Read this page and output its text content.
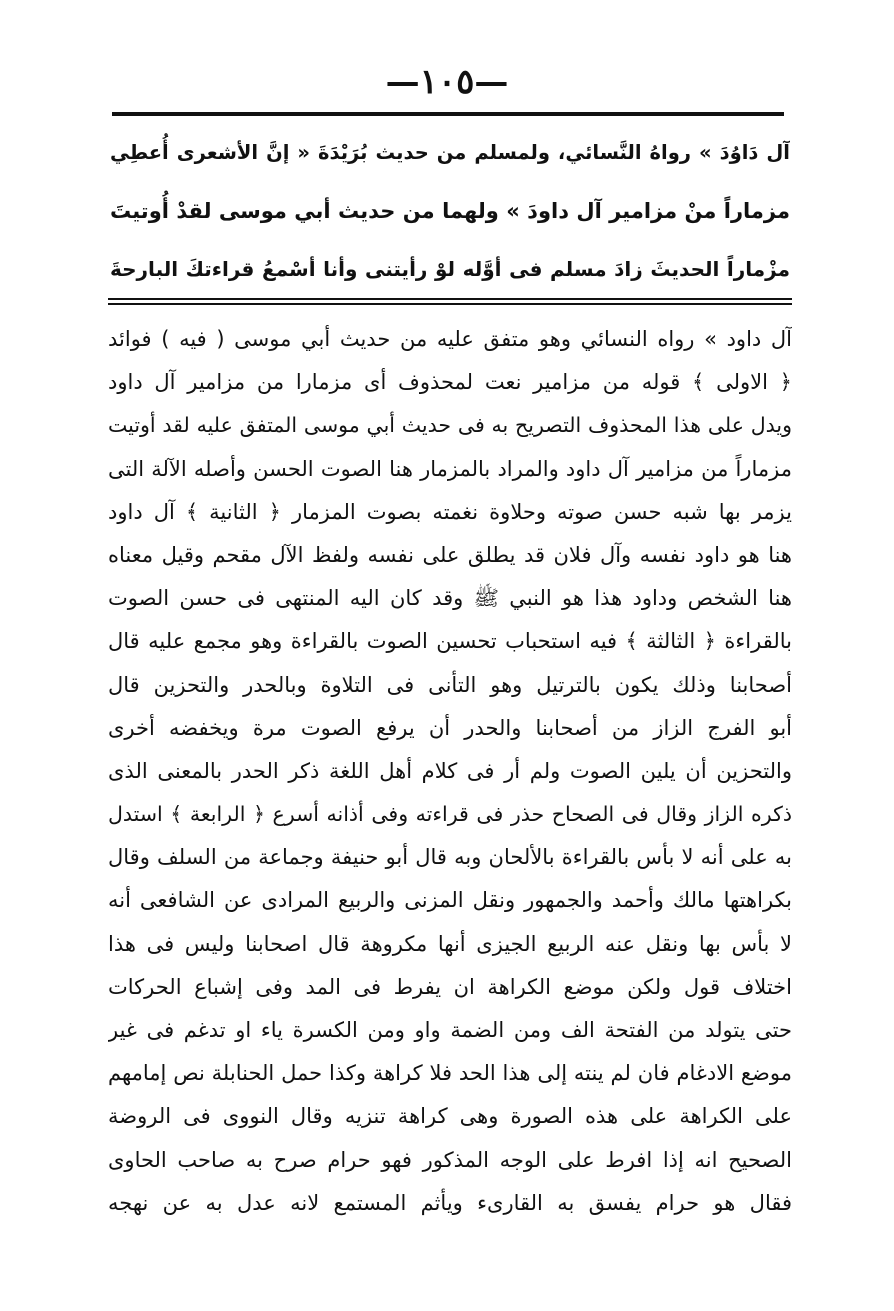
—١٠٥—
آل دَاوُدَ » رواهُ النَّسائي، ولمسلم من حديث بُرَيْدَةَ « إنَّ الأشعرى أُعطِي
مزماراً منْ مزامير آل داودَ » ولهما من حديث أبي موسى لقدْ أُوتيتَ
مزْماراً الحديثَ زادَ مسلم فى أوَّله لوْ رأيتنى وأنا أسْمعُ قراءتكَ البارحةَ
آل داود » رواه النسائي وهو متفق عليه من حديث أبي موسى ( فيه ) فوائد
﴿ الاولى ﴾ قوله من مزامير نعت لمحذوف أى مزمارا من مزامير آل داود
ويدل على هذا المحذوف التصريح به فى حديث أبي موسى المتفق عليه لقد أوتيت
مزماراً من مزامير آل داود والمراد بالمزمار هنا الصوت الحسن وأصله الآلة التى
يزمر بها شبه حسن صوته وحلاوة نغمته بصوت المزمار ﴿ الثانية ﴾ آل داود
هنا هو داود نفسه وآل فلان قد يطلق على نفسه ولفظ الآل مقحم وقيل معناه
هنا الشخص وداود هذا هو النبي ﷺ وقد كان اليه المنتهى فى حسن الصوت
بالقراءة ﴿ الثالثة ﴾ فيه استحباب تحسين الصوت بالقراءة وهو مجمع عليه قال
أصحابنا وذلك يكون بالترتيل وهو التأنى فى التلاوة وبالحدر والتحزين قال
أبو الفرج الزاز من أصحابنا والحدر أن يرفع الصوت مرة ويخفضه أخرى
والتحزين أن يلين الصوت ولم أر فى كلام أهل اللغة ذكر الحدر بالمعنى الذى
ذكره الزاز وقال فى الصحاح حذر فى قراءته وفى أذانه أسرع ﴿ الرابعة ﴾ استدل
به على أنه لا بأس بالقراءة بالألحان وبه قال أبو حنيفة وجماعة من السلف وقال
بكراهتها مالك وأحمد والجمهور ونقل المزنى والربيع المرادى عن الشافعى أنه
لا بأس بها ونقل عنه الربيع الجيزى أنها مكروهة قال اصحابنا وليس فى هذا
اختلاف قول ولكن موضع الكراهة ان يفرط فى المد وفى إشباع الحركات
حتى يتولد من الفتحة الف ومن الضمة واو ومن الكسرة ياء او تدغم فى غير
موضع الادغام فان لم ينته إلى هذا الحد فلا كراهة وكذا حمل الحنابلة نص إمامهم
على الكراهة على هذه الصورة وهى كراهة تنزيه وقال النووى فى الروضة
الصحيح انه إذا افرط على الوجه المذكور فهو حرام صرح به صاحب الحاوى
فقال هو حرام يفسق به القارىء ويأثم المستمع لانه عدل به عن نهجه
